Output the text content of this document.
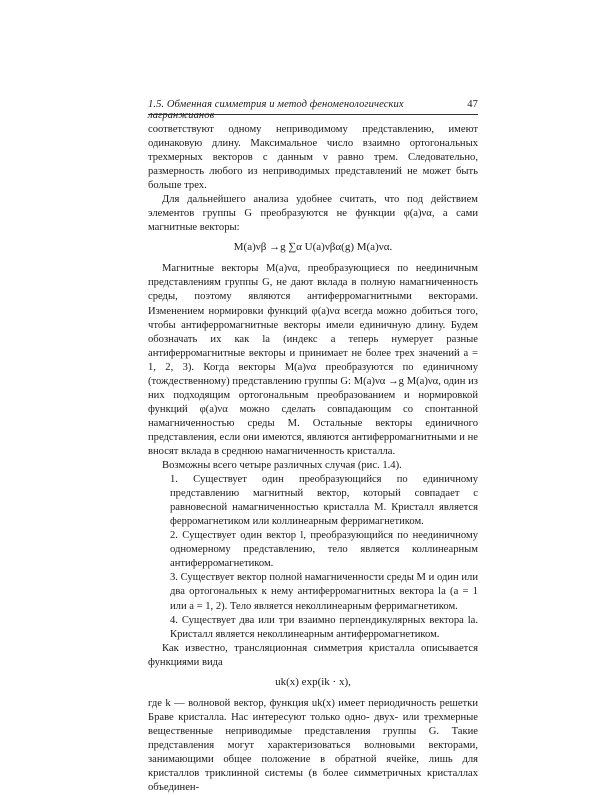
1.5. Обменная симметрия и метод феноменологических лагранжианов
47

соответствуют одному неприводимому представлению, имеют одинаковую длину. Максимальное число взаимно ортогональных трехмерных векторов с данным ν равно трем. Следовательно, размерность любого из неприводимых представлений не может быть больше трех.

Для дальнейшего анализа удобнее считать, что под действием элементов группы G преобразуются не функции φ(a)να, а сами магнитные векторы:

M(a)νβ →g ∑α U(a)νβα(g) M(a)να.

Магнитные векторы M(a)να, преобразующиеся по неединичным представлениям группы G, не дают вклада в полную намагниченность среды, поэтому являются антиферромагнитными векторами. Изменением нормировки функций φ(a)να всегда можно добиться того, чтобы антиферромагнитные векторы имели единичную длину. Будем обозначать их как la (индекс a теперь нумерует разные антиферромагнитные векторы и принимает не более трех значений a = 1, 2, 3). Когда векторы M(a)να преобразуются по единичному (тождественному) представлению группы G: M(a)να →g M(a)να, один из них подходящим ортогональным преобразованием и нормировкой функций φ(a)να можно сделать совпадающим со спонтанной намагниченностью среды M. Остальные векторы единичного представления, если они имеются, являются антиферромагнитными и не вносят вклада в среднюю намагниченность кристалла.

Возможны всего четыре различных случая (рис. 1.4).

1. Существует один преобразующийся по единичному представлению магнитный вектор, который совпадает с равновесной намагниченностью кристалла M. Кристалл является ферромагнетиком или коллинеарным ферримагнетиком.
2. Существует один вектор l, преобразующийся по неединичному одномерному представлению, тело является коллинеарным антиферромагнетиком.
3. Существует вектор полной намагниченности среды M и один или два ортогональных к нему антиферромагнитных вектора la (a = 1 или a = 1, 2). Тело является неколлинеарным ферримагнетиком.
4. Существует два или три взаимно перпендикулярных вектора la. Кристалл является неколлинеарным антиферромагнетиком.

Как известно, трансляционная симметрия кристалла описывается функциями вида

uk(x) exp(ik · x),

где k — волновой вектор, функция uk(x) имеет периодичность решетки Браве кристалла. Нас интересуют только одно- двух- или трехмерные вещественные неприводимые представления группы G. Такие представления могут характеризоваться волновыми векторами, занимающими общее положение в обратной ячейке, лишь для кристаллов триклинной системы (в более симметричных кристаллах объединен-
